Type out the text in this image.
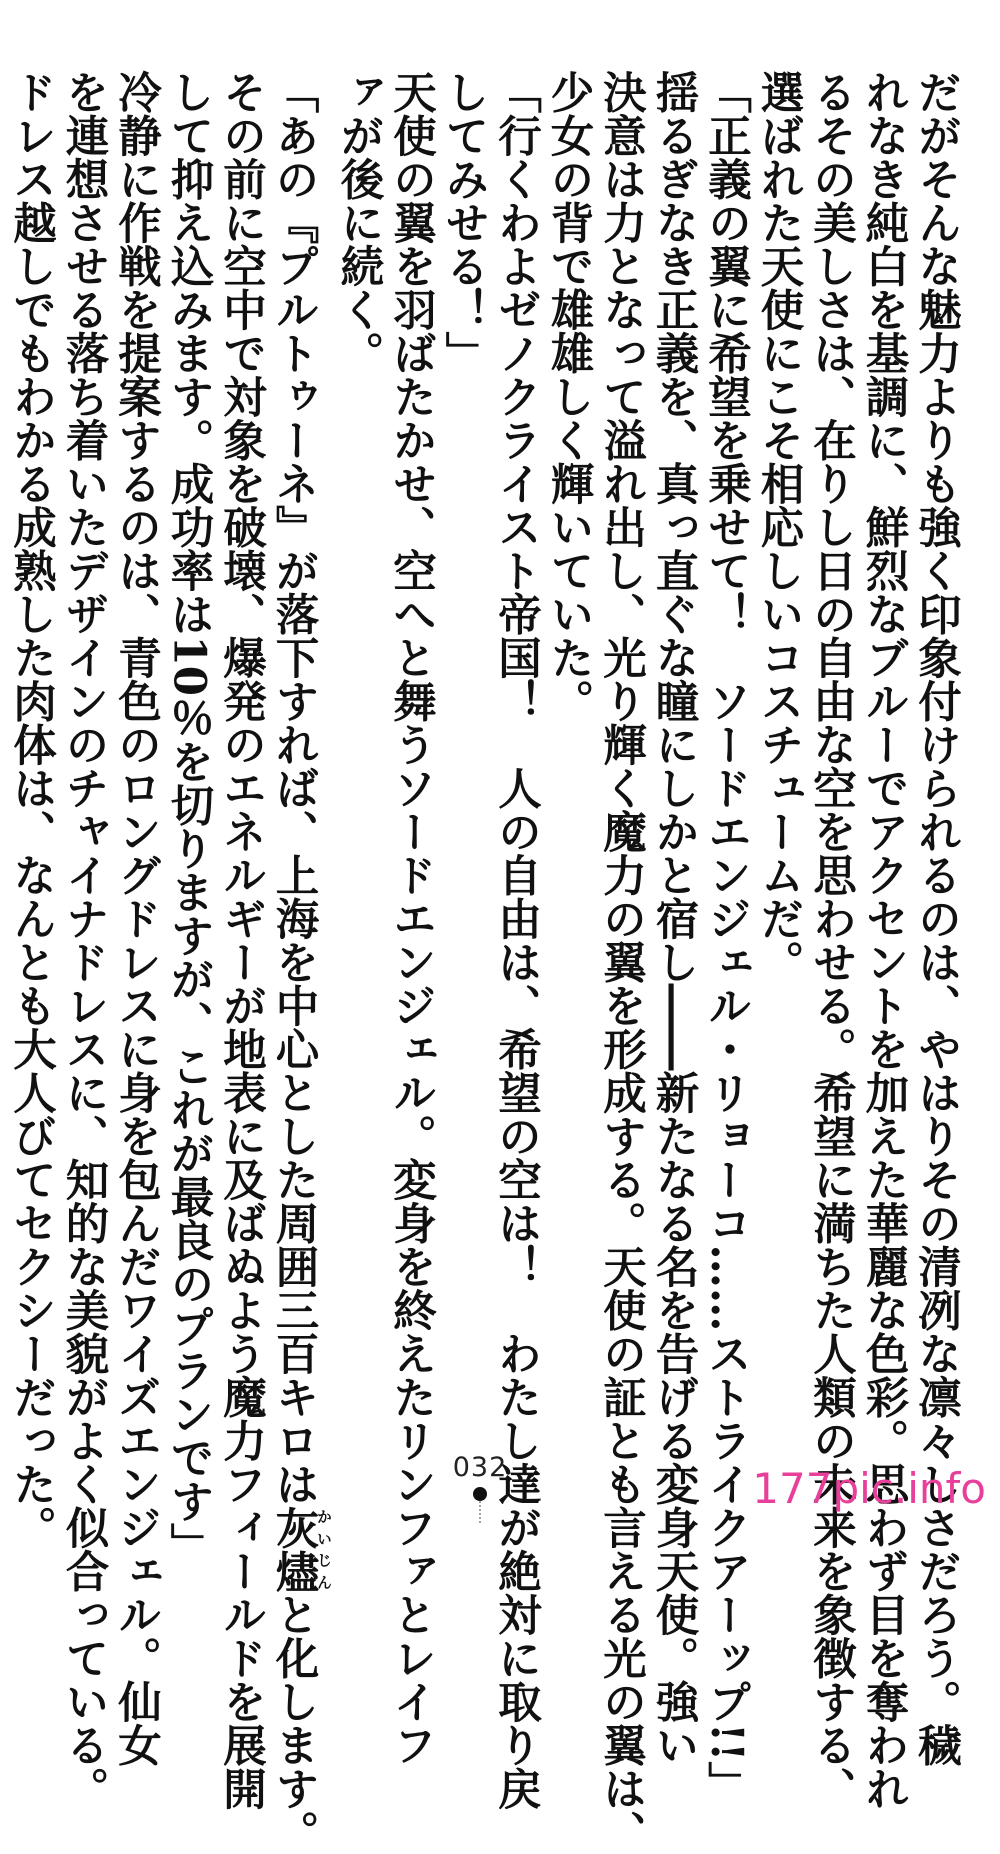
だがそんな魅力よりも強く印象付けられるのは、やはりその清冽な凛々しさだろう。穢

れなき純白を基調に、鮮烈なブルーでアクセントを加えた華麗な色彩。思わず目を奪われ

るその美しさは、在りし日の自由な空を思わせる。希望に満ちた人類の未来を象徴する、

選ばれた天使にこそ相応しいコスチュームだ。

「正義の翼に希望を乗せて！　ソードエンジェル・リョーコ……ストライクアーップ!!」

揺るぎなき正義を、真っ直ぐな瞳にしかと宿し――新たなる名を告げる変身天使。強い

決意は力となって溢れ出し、光り輝く魔力の翼を形成する。天使の証とも言える光の翼は、

少女の背で雄雄しく輝いていた。

「行くわよゼノクライスト帝国！　人の自由は、希望の空は！　わたし達が絶対に取り戻

してみせる！」

天使の翼を羽ばたかせ、空へと舞うソードエンジェル。変身を終えたリンファとレイフ

ァが後に続く。

「あの『プルトゥーネ』が落下すれば、上海を中心とした周囲三百キロは灰燼かいじんと化します。

その前に空中で対象を破壊、爆発のエネルギーが地表に及ばぬよう魔力フィールドを展開

して抑え込みます。成功率は10％を切りますが、これが最良のプランです」

冷静に作戦を提案するのは、青色のロングドレスに身を包んだワイズエンジェル。仙女

を連想させる落ち着いたデザインのチャイナドレスに、知的な美貌がよく似合っている。

ドレス越しでもわかる成熟した肉体は、なんとも大人びてセクシーだった。	032	177pic.info
